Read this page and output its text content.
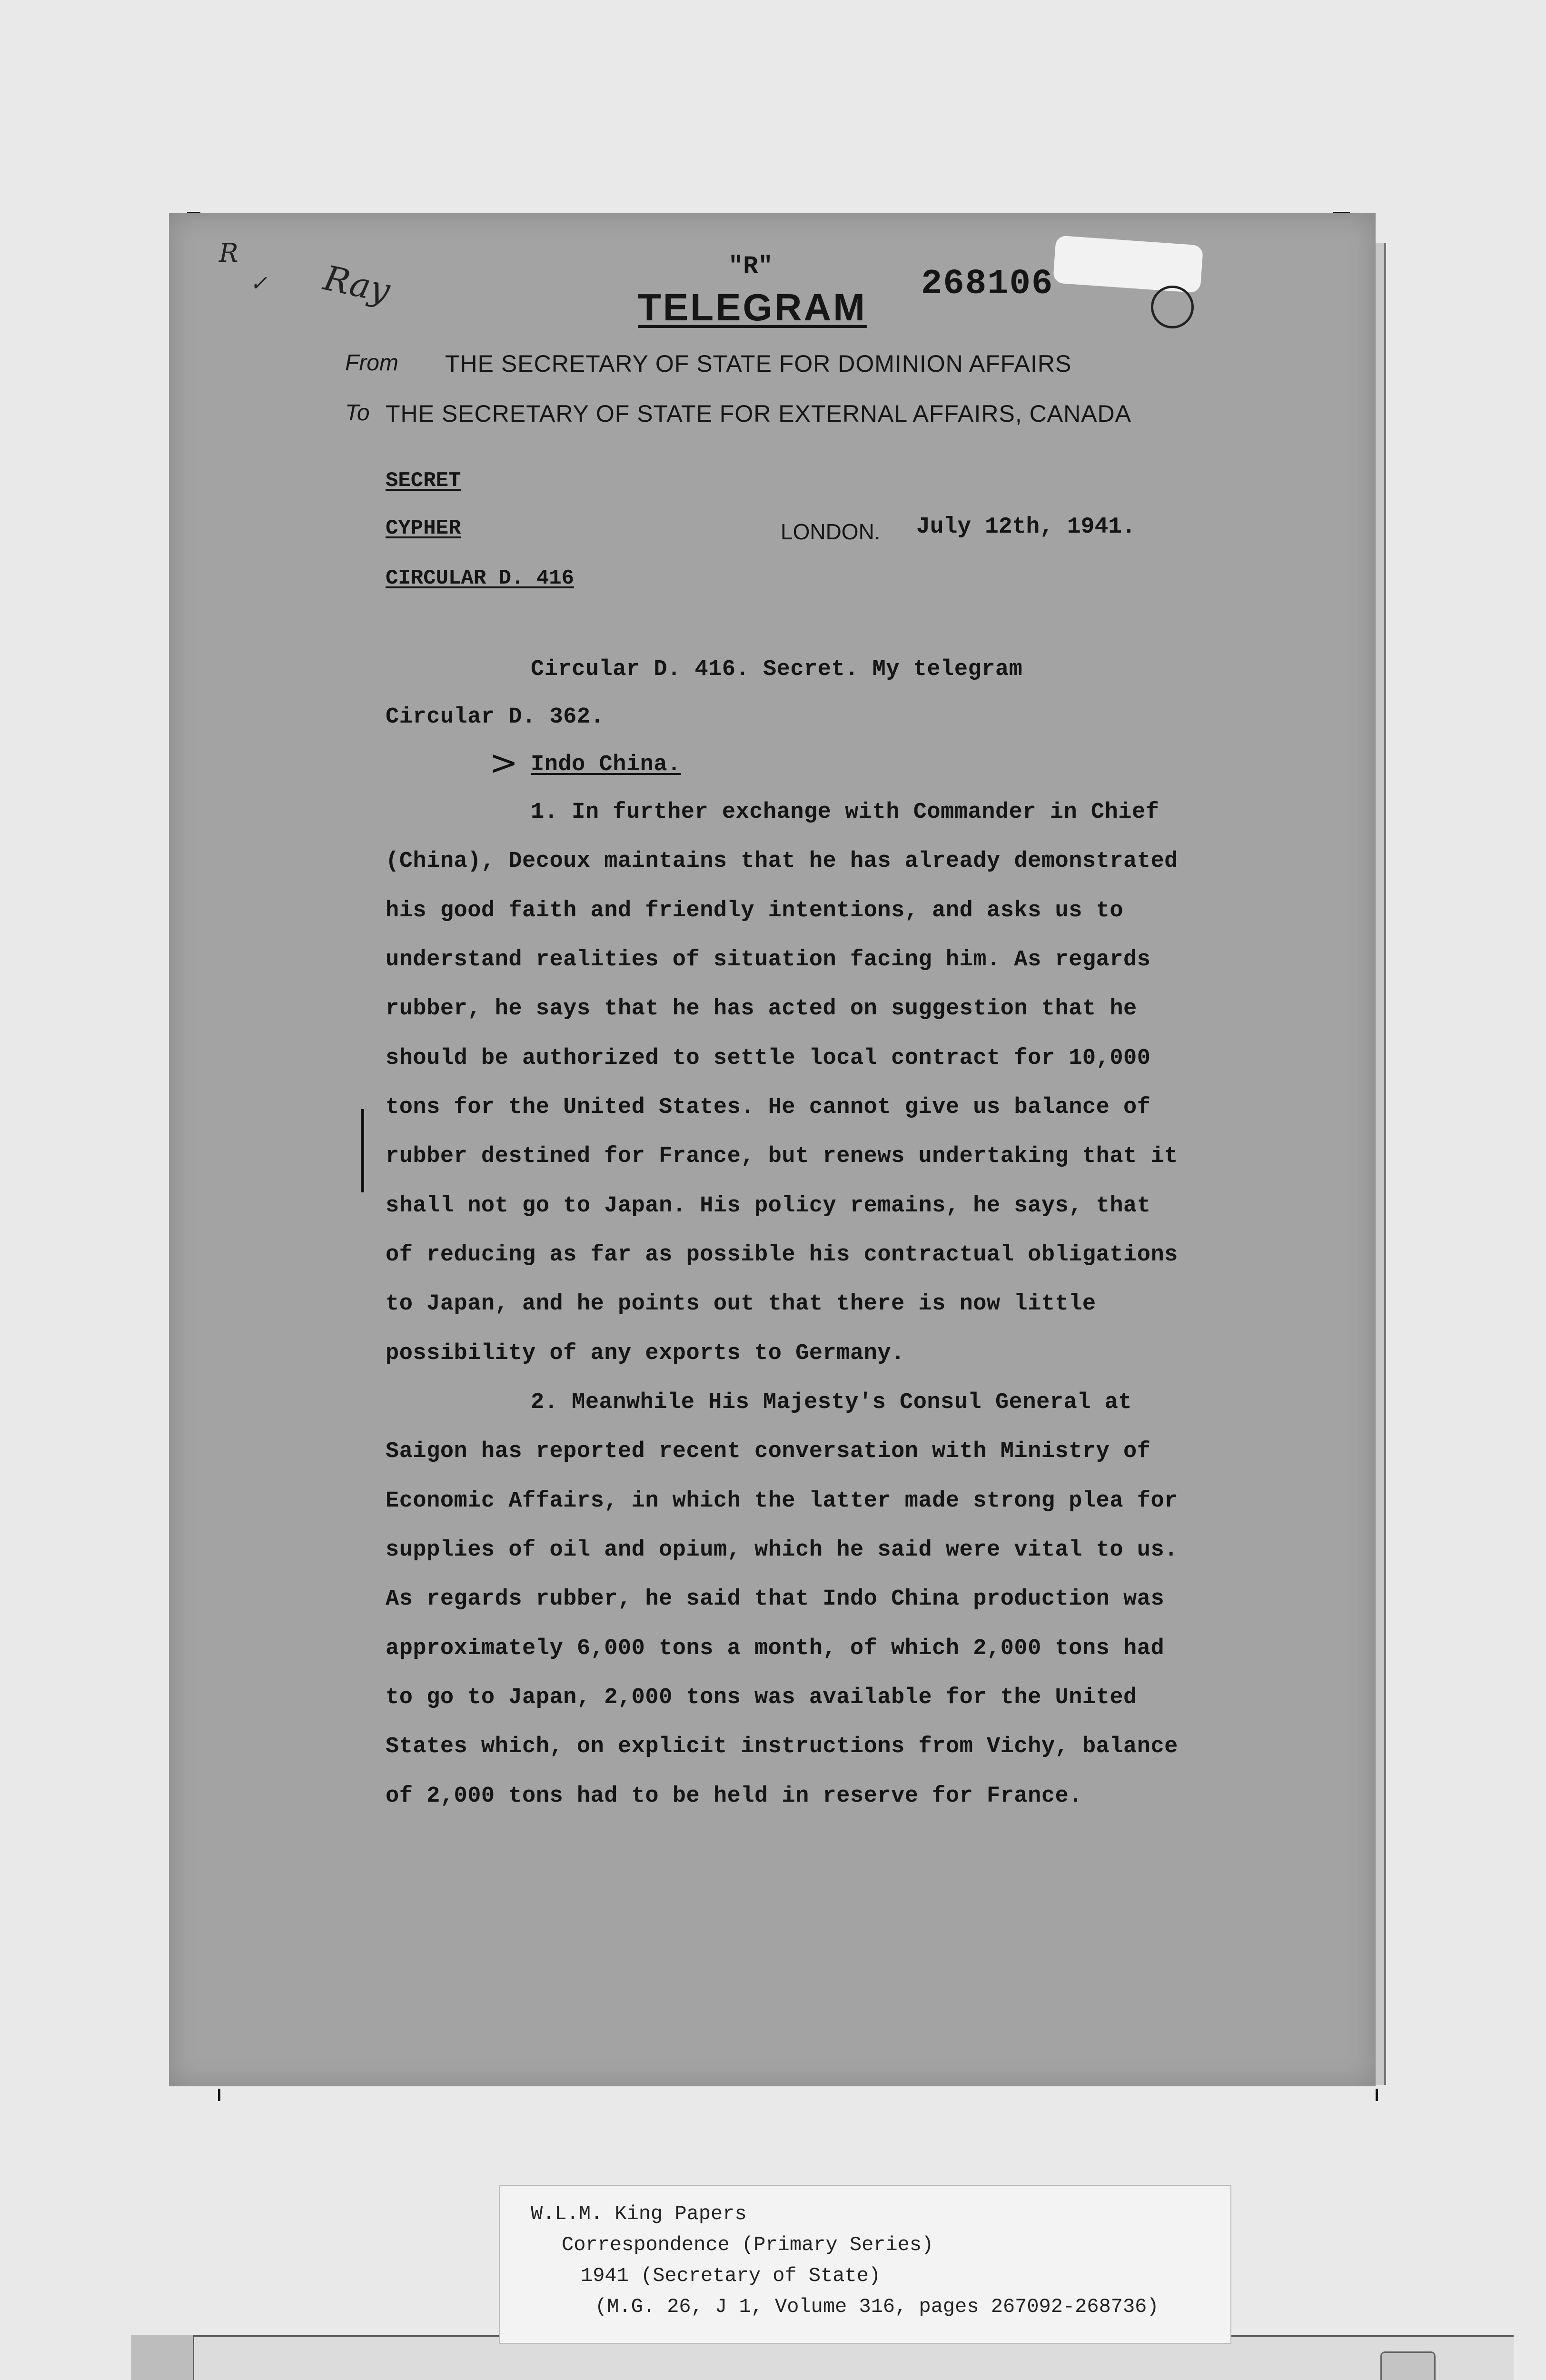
R
✓ Ray	"R"
TELEGRAM
268106
From THE SECRETARY OF STATE FOR DOMINION AFFAIRS
To THE SECRETARY OF STATE FOR EXTERNAL AFFAIRS, CANADA
SECRET
CYPHER
CIRCULAR D. 416
LONDON. July 12th, 1941.
>
Circular D. 416. Secret. My telegram
Circular D. 362.
Indo China.
1. In further exchange with Commander in Chief
(China), Decoux maintains that he has already demonstrated
his good faith and friendly intentions, and asks us to
understand realities of situation facing him. As regards
rubber, he says that he has acted on suggestion that he
should be authorized to settle local contract for 10,000
tons for the United States. He cannot give us balance of
rubber destined for France, but renews undertaking that it
shall not go to Japan. His policy remains, he says, that
of reducing as far as possible his contractual obligations
to Japan, and he points out that there is now little
possibility of any exports to Germany.
2. Meanwhile His Majesty's Consul General at
Saigon has reported recent conversation with Ministry of
Economic Affairs, in which the latter made strong plea for
supplies of oil and opium, which he said were vital to us.
As regards rubber, he said that Indo China production was
approximately 6,000 tons a month, of which 2,000 tons had
to go to Japan, 2,000 tons was available for the United
States which, on explicit instructions from Vichy, balance
of 2,000 tons had to be held in reserve for France.
W.L.M. King Papers
Correspondence (Primary Series)
1941 (Secretary of State)
(M.G. 26, J 1, Volume 316, pages 267092-268736)
